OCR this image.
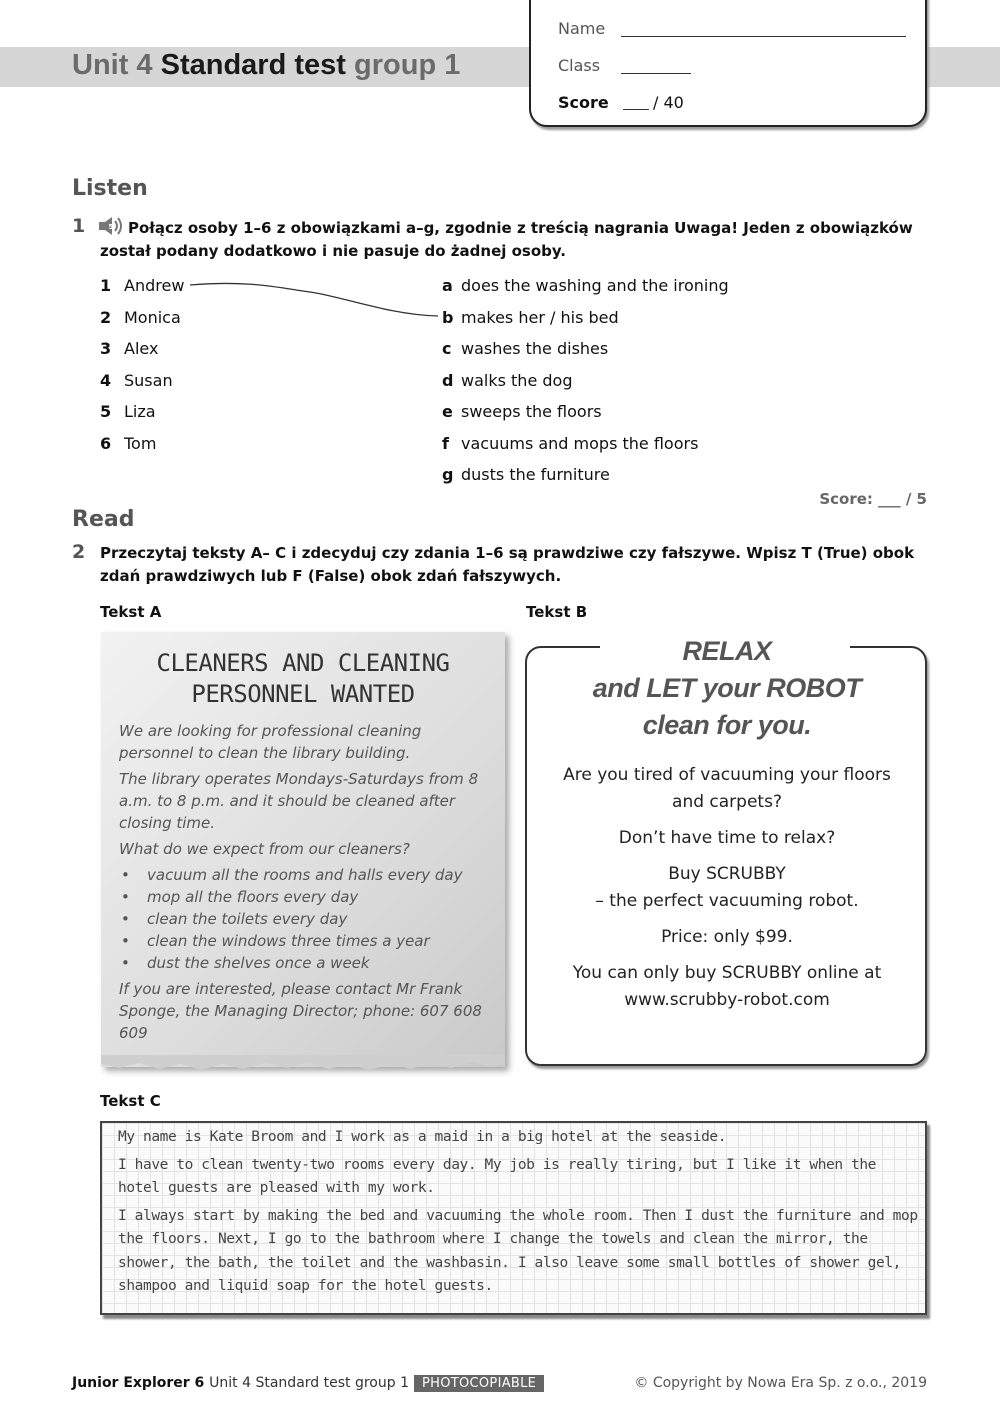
Unit 4 Standard test group 1
Name
Class
Score	/ 40
Listen
1	5 Połącz osoby 1–6 z obowiązkami a–g, zgodnie z treścią nagrania Uwaga! Jeden z obowiązków został podany dodatkowo i nie pasuje do żadnej osoby.
1 Andrew
2 Monica
3 Alex
4 Susan
5 Liza
6 Tom
a does the washing and the ironing
b makes her / his bed
c washes the dishes
d walks the dog
e sweeps the floors
f vacuums and mops the floors
g dusts the furniture
Score: ___ / 5
Read
2 Przeczytaj teksty A– C i zdecyduj czy zdania 1–6 są prawdziwe czy fałszywe. Wpisz T (True) obok zdań prawdziwych lub F (False) obok zdań fałszywych.
Tekst A	Tekst B
CLEANERS AND CLEANING
PERSONNEL WANTED

We are looking for professional cleaning personnel to clean the library building.

The library operates Mondays-Saturdays from 8 a.m. to 8 p.m. and it should be cleaned after closing time.

What do we expect from our cleaners?

• vacuum all the rooms and halls every day
• mop all the floors every day
• clean the toilets every day
• clean the windows three times a year
• dust the shelves once a week

If you are interested, please contact Mr Frank Sponge, the Managing Director; phone: 607 608 609

RELAX
and LET your ROBOT
clean for you.

Are you tired of vacuuming your floors and carpets?

Don’t have time to relax?

Buy SCRUBBY
– the perfect vacuuming robot.

Price: only $99.

You can only buy SCRUBBY online at
www.scrubby-robot.com

Tekst C

My name is Kate Broom and I work as a maid in a big hotel at the seaside.

I have to clean twenty-two rooms every day. My job is really tiring, but I like it when the hotel guests are pleased with my work.

I always start by making the bed and vacuuming the whole room. Then I dust the furniture and mop the floors. Next, I go to the bathroom where I change the towels and clean the mirror, the shower, the bath, the toilet and the washbasin. I also leave some small bottles of shower gel, shampoo and liquid soap for the hotel guests.

Junior Explorer 6 Unit 4 Standard test group 1	PHOTOCOPIABLE	© Copyright by Nowa Era Sp. z o.o., 2019
